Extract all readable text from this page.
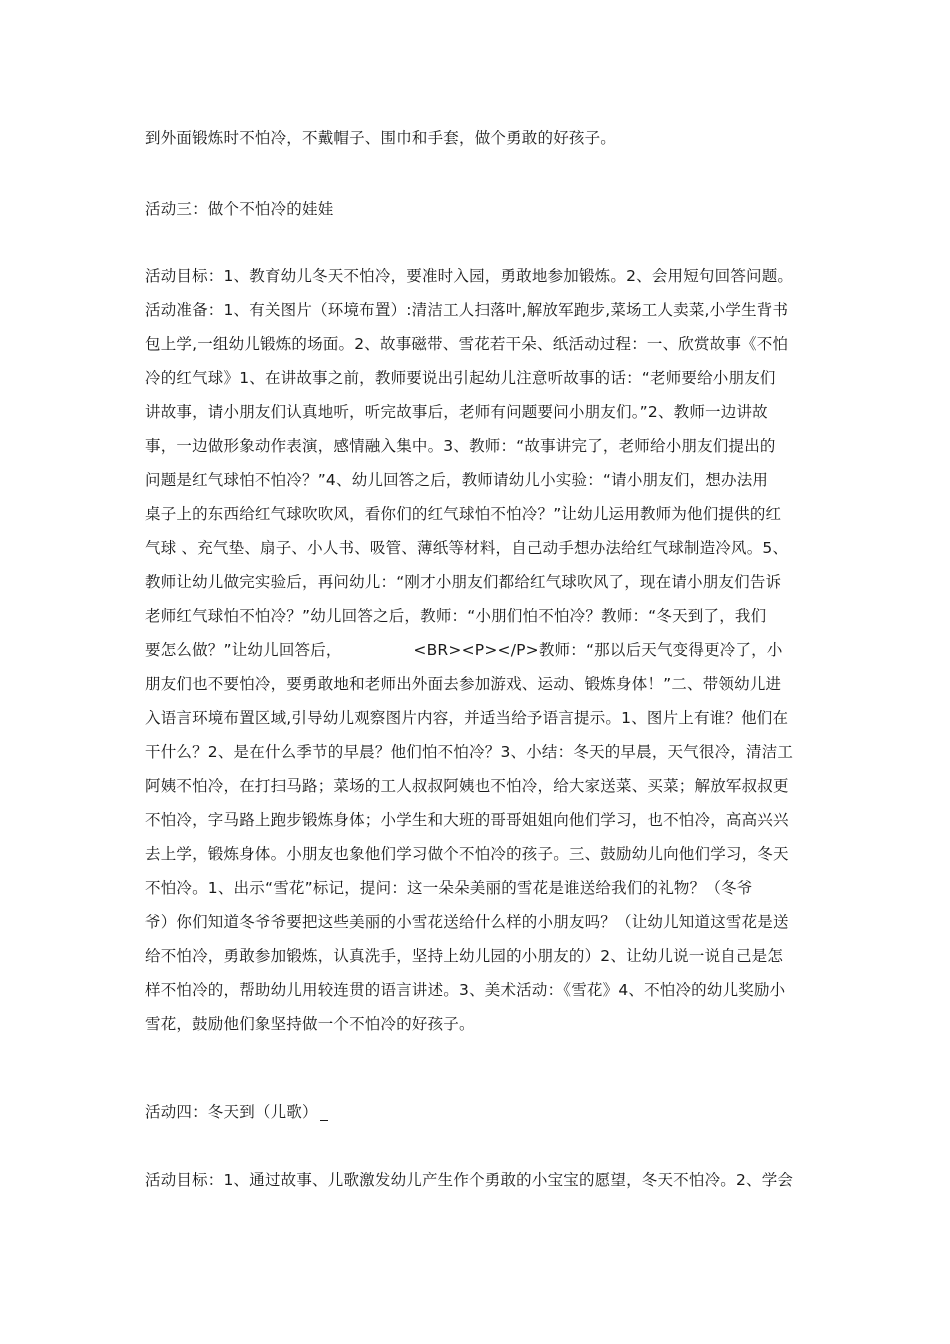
到外面锻炼时不怕冷，不戴帽子、围巾和手套，做个勇敢的好孩子。
活动三：做个不怕冷的娃娃
活动目标：1、教育幼儿冬天不怕冷，要准时入园，勇敢地参加锻炼。2、会用短句回答问题。
活动准备：1、有关图片（环境布置）:清洁工人扫落叶,解放军跑步,菜场工人卖菜,小学生背书
包上学,一组幼儿锻炼的场面。2、故事磁带、雪花若干朵、纸活动过程：一、欣赏故事《不怕
冷的红气球》1、在讲故事之前，教师要说出引起幼儿注意听故事的话：“老师要给小朋友们
讲故事，请小朋友们认真地听，听完故事后，老师有问题要问小朋友们。”2、教师一边讲故
事，一边做形象动作表演，感情融入集中。3、教师：“故事讲完了，老师给小朋友们提出的
问题是红气球怕不怕冷？”4、幼儿回答之后，教师请幼儿小实验：“请小朋友们，想办法用
桌子上的东西给红气球吹吹风，看你们的红气球怕不怕冷？”让幼儿运用教师为他们提供的红
气球 、充气垫、扇子、小人书、吸管、薄纸等材料，自己动手想办法给红气球制造冷风。5、
教师让幼儿做完实验后，再问幼儿：“刚才小朋友们都给红气球吹风了，现在请小朋友们告诉
老师红气球怕不怕冷？”幼儿回答之后，教师：“小朋们怕不怕冷？教师：“冬天到了，我们
要怎么做？”让幼儿回答后，              <BR><P></P>教师：“那以后天气变得更冷了，小
朋友们也不要怕冷，要勇敢地和老师出外面去参加游戏、运动、锻炼身体！”二、带领幼儿进
入语言环境布置区域,引导幼儿观察图片内容，并适当给予语言提示。1、图片上有谁？他们在
干什么？2、是在什么季节的早晨？他们怕不怕冷？3、小结：冬天的早晨，天气很冷，清洁工
阿姨不怕冷，在打扫马路；菜场的工人叔叔阿姨也不怕冷，给大家送菜、买菜；解放军叔叔更
不怕冷，字马路上跑步锻炼身体；小学生和大班的哥哥姐姐向他们学习，也不怕冷，高高兴兴
去上学，锻炼身体。小朋友也象他们学习做个不怕冷的孩子。三、鼓励幼儿向他们学习，冬天
不怕冷。1、出示“雪花”标记，提问：这一朵朵美丽的雪花是谁送给我们的礼物？（冬爷
爷）你们知道冬爷爷要把这些美丽的小雪花送给什么样的小朋友吗？（让幼儿知道这雪花是送
给不怕冷，勇敢参加锻炼，认真洗手，坚持上幼儿园的小朋友的）2、让幼儿说一说自己是怎
样不怕冷的，帮助幼儿用较连贯的语言讲述。3、美术活动：《雪花》4、不怕冷的幼儿奖励小
雪花，鼓励他们象坚持做一个不怕冷的好孩子。
活动四：冬天到（儿歌）
活动目标：1、通过故事、儿歌激发幼儿产生作个勇敢的小宝宝的愿望，冬天不怕冷。2、学会
